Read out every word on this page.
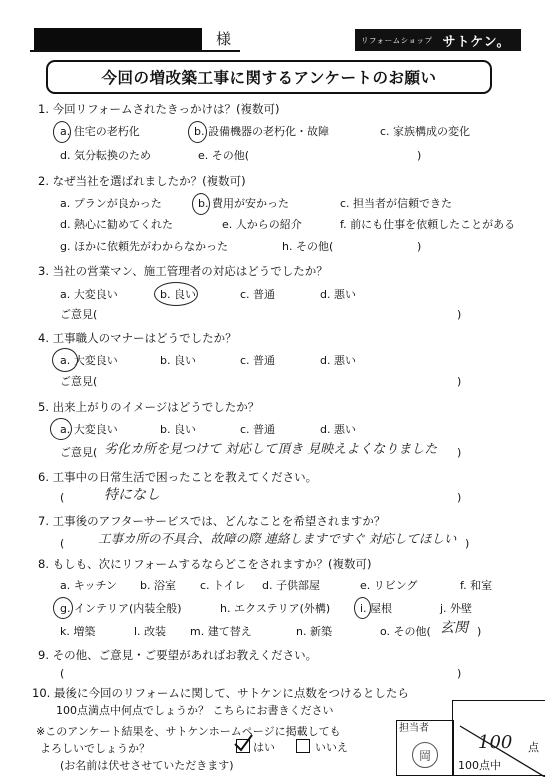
様	リフォームショップ サトケン。
今回の増改築工事に関するアンケートのお願い
1. 今回リフォームされたきっかけは？(複数可)
a. 住宅の老朽化	b. 設備機器の老朽化・故障	c. 家族構成の変化
d. 気分転換のため	e. その他(	)
2. なぜ当社を選ばれましたか？(複数可)
a. プランが良かった	b. 費用が安かった	c. 担当者が信頼できた
d. 熱心に勧めてくれた	e. 人からの紹介	f. 前にも仕事を依頼したことがある
g. ほかに依頼先がわからなかった	h. その他(	)
3. 当社の営業マン、施工管理者の対応はどうでしたか？
a. 大変良い	b. 良い	c. 普通	d. 悪い
ご意見(	)
4. 工事職人のマナーはどうでしたか？
a. 大変良い	b. 良い	c. 普通	d. 悪い
ご意見(	)
5. 出来上がりのイメージはどうでしたか？
a. 大変良い	b. 良い	c. 普通	d. 悪い
ご意見( 劣化カ所を見つけて 対応して頂き 見映えよくなりました )
6. 工事中の日常生活で困ったことを教えてください。
(	特になし	)
7. 工事後のアフターサービスでは、どんなことを希望されますか？
(	工事カ所の不具合、故障の際 連絡しますですぐ 対応してほしい )
8. もしも、次にリフォームするならどこをされますか？(複数可)
a. キッチン b. 浴室 c. トイレ d. 子供部屋	e. リビング	f. 和室
g. インテリア(内装全般)	h. エクステリア(外構)	i. 屋根	j. 外壁
k. 増築	l. 改装 m. 建て替え	n. 新築	o. その他( 玄関 )
9. その他、ご意見・ご要望があればお教えください。
(	)
10. 最後に今回のリフォームに関して、サトケンに点数をつけるとしたら
100点満点中何点でしょうか？ こちらにお書きください
※このアンケート結果を、サトケンホームページに掲載しても
よろしいでしょうか？	はい	いいえ
(お名前は伏せさせていただきます)
担当者
岡
100 点
100点中
